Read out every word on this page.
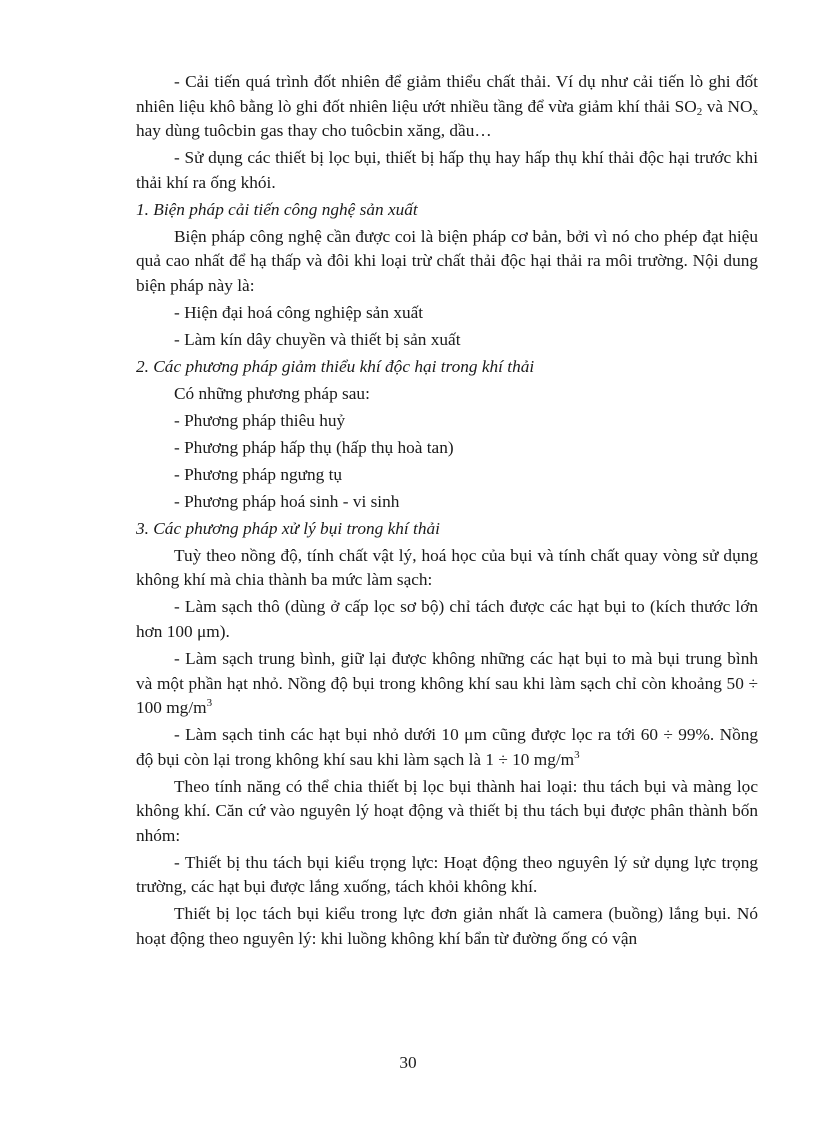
- Cải tiến quá trình đốt nhiên để giảm thiểu chất thải. Ví dụ như cải tiến lò ghi đốt nhiên liệu khô bằng lò ghi đốt nhiên liệu ướt nhiều tầng để vừa giảm khí thải $SO_2$ và $NO_x$ hay dùng tuôcbin gas thay cho tuôcbin xăng, dầu…

- Sử dụng các thiết bị lọc bụi, thiết bị hấp thụ hay hấp thụ khí thải độc hại trước khi thải khí ra ống khói.

1. Biện pháp cải tiến công nghệ sản xuất

Biện pháp công nghệ cần được coi là biện pháp cơ bản, bởi vì nó cho phép đạt hiệu quả cao nhất để hạ thấp và đôi khi loại trừ chất thải độc hại thải ra môi trường. Nội dung biện pháp này là:

- Hiện đại hoá công nghiệp sản xuất

- Làm kín dây chuyền và thiết bị sản xuất

2. Các phương pháp giảm thiểu khí độc hại trong khí thải

Có những phương pháp sau:

- Phương pháp thiêu huỷ

- Phương pháp hấp thụ (hấp thụ hoà tan)

- Phương pháp ngưng tụ

- Phương pháp hoá sinh - vi sinh

3. Các phương pháp xử lý bụi trong khí thải

Tuỳ theo nồng độ, tính chất vật lý, hoá học của bụi và tính chất quay vòng sử dụng không khí mà chia thành ba mức làm sạch:

- Làm sạch thô (dùng ở cấp lọc sơ bộ) chỉ tách được các hạt bụi to (kích thước lớn hơn 100 μm).

- Làm sạch trung bình, giữ lại được không những các hạt bụi to mà bụi trung bình và một phần hạt nhỏ. Nồng độ bụi trong không khí sau khi làm sạch chỉ còn khoảng 50 ÷ 100 $mg/m^3$

- Làm sạch tinh các hạt bụi nhỏ dưới 10 μm cũng được lọc ra tới 60 ÷ 99%. Nồng độ bụi còn lại trong không khí sau khi làm sạch là 1 ÷ 10 $mg/m^3$

Theo tính năng có thể chia thiết bị lọc bụi thành hai loại: thu tách bụi và màng lọc không khí. Căn cứ vào nguyên lý hoạt động và thiết bị thu tách bụi được phân thành bốn nhóm:

- Thiết bị thu tách bụi kiểu trọng lực: Hoạt động theo nguyên lý sử dụng lực trọng trường, các hạt bụi được lắng xuống, tách khỏi không khí.

Thiết bị lọc tách bụi kiểu trong lực đơn giản nhất là camera (buồng) lắng bụi. Nó hoạt động theo nguyên lý: khi luồng không khí bẩn từ đường ống có vận

30
